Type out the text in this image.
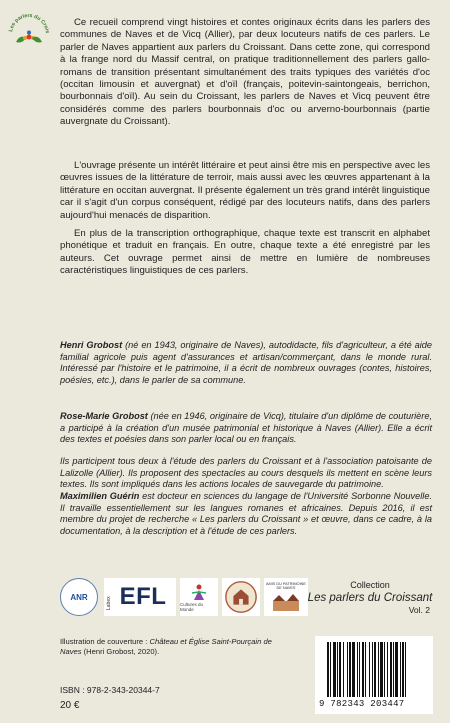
Les parlers du Crois

Ce recueil comprend vingt histoires et contes originaux écrits dans les parlers des communes de Naves et de Vicq (Allier), par deux locuteurs natifs de ces parlers. Le parler de Naves appartient aux parlers du Croissant. Dans cette zone, qui correspond à la frange nord du Massif central, on pratique traditionnellement des parlers gallo-romans de transition présentant simultanément des traits typiques des variétés d'oc (occitan limousin et auvergnat) et d'oïl (français, poitevin-saintongeais, berrichon, bourbonnais d'oïl). Au sein du Croissant, les parlers de Naves et Vicq peuvent être considérés comme des parlers bourbonnais d'oc ou arverno-bourbonnais (partie auvergnate du Croissant).

L'ouvrage présente un intérêt littéraire et peut ainsi être mis en perspective avec les œuvres issues de la littérature de terroir, mais aussi avec les œuvres appartenant à la littérature en occitan auvergnat. Il présente également un très grand intérêt linguistique car il s'agit d'un corpus conséquent, rédigé par des locuteurs natifs, dans des parlers aujourd'hui menacés de disparition.

En plus de la transcription orthographique, chaque texte est transcrit en alphabet phonétique et traduit en français. En outre, chaque texte a été enregistré par les auteurs. Cet ouvrage permet ainsi de mettre en lumière de nombreuses caractéristiques linguistiques de ces parlers.

Henri Grobost (né en 1943, originaire de Naves), autodidacte, fils d'agriculteur, a été aide familial agricole puis agent d'assurances et artisan/commerçant, dans le monde rural. Intéressé par l'histoire et le patrimoine, il a écrit de nombreux ouvrages (contes, histoires, poésies, etc.), dans le parler de sa commune.

Rose-Marie Grobost (née en 1946, originaire de Vicq), titulaire d'un diplôme de couturière, a participé à la création d'un musée patrimonial et historique à Naves (Allier). Elle a écrit des textes et poésies dans son parler local ou en français.

Ils participent tous deux à l'étude des parlers du Croissant et à l'association patoisante de Lalizolle (Allier). Ils proposent des spectacles au cours desquels ils mettent en scène leurs textes. Ils sont impliqués dans les actions locales de sauvegarde du patrimoine.

Maximilien Guérin est docteur en sciences du langage de l'Université Sorbonne Nouvelle. Il travaille essentiellement sur les langues romanes et africaines. Depuis 2016, il est membre du projet de recherche « Les parlers du Croissant » et œuvre, dans ce cadre, à la documentation, à la description et à l'étude de ces parlers.

ANR	Labex EFL	Cultures du Monde
AMIS DU PATRIMOINE DE NAVES	Collection
Les parlers du Croissant
Vol. 2

Illustration de couverture : Château et Église Saint-Pourçain de Naves (Henri Grobost, 2020).

ISBN : 978-2-343-20344-7
20 €	9 782343 203447
